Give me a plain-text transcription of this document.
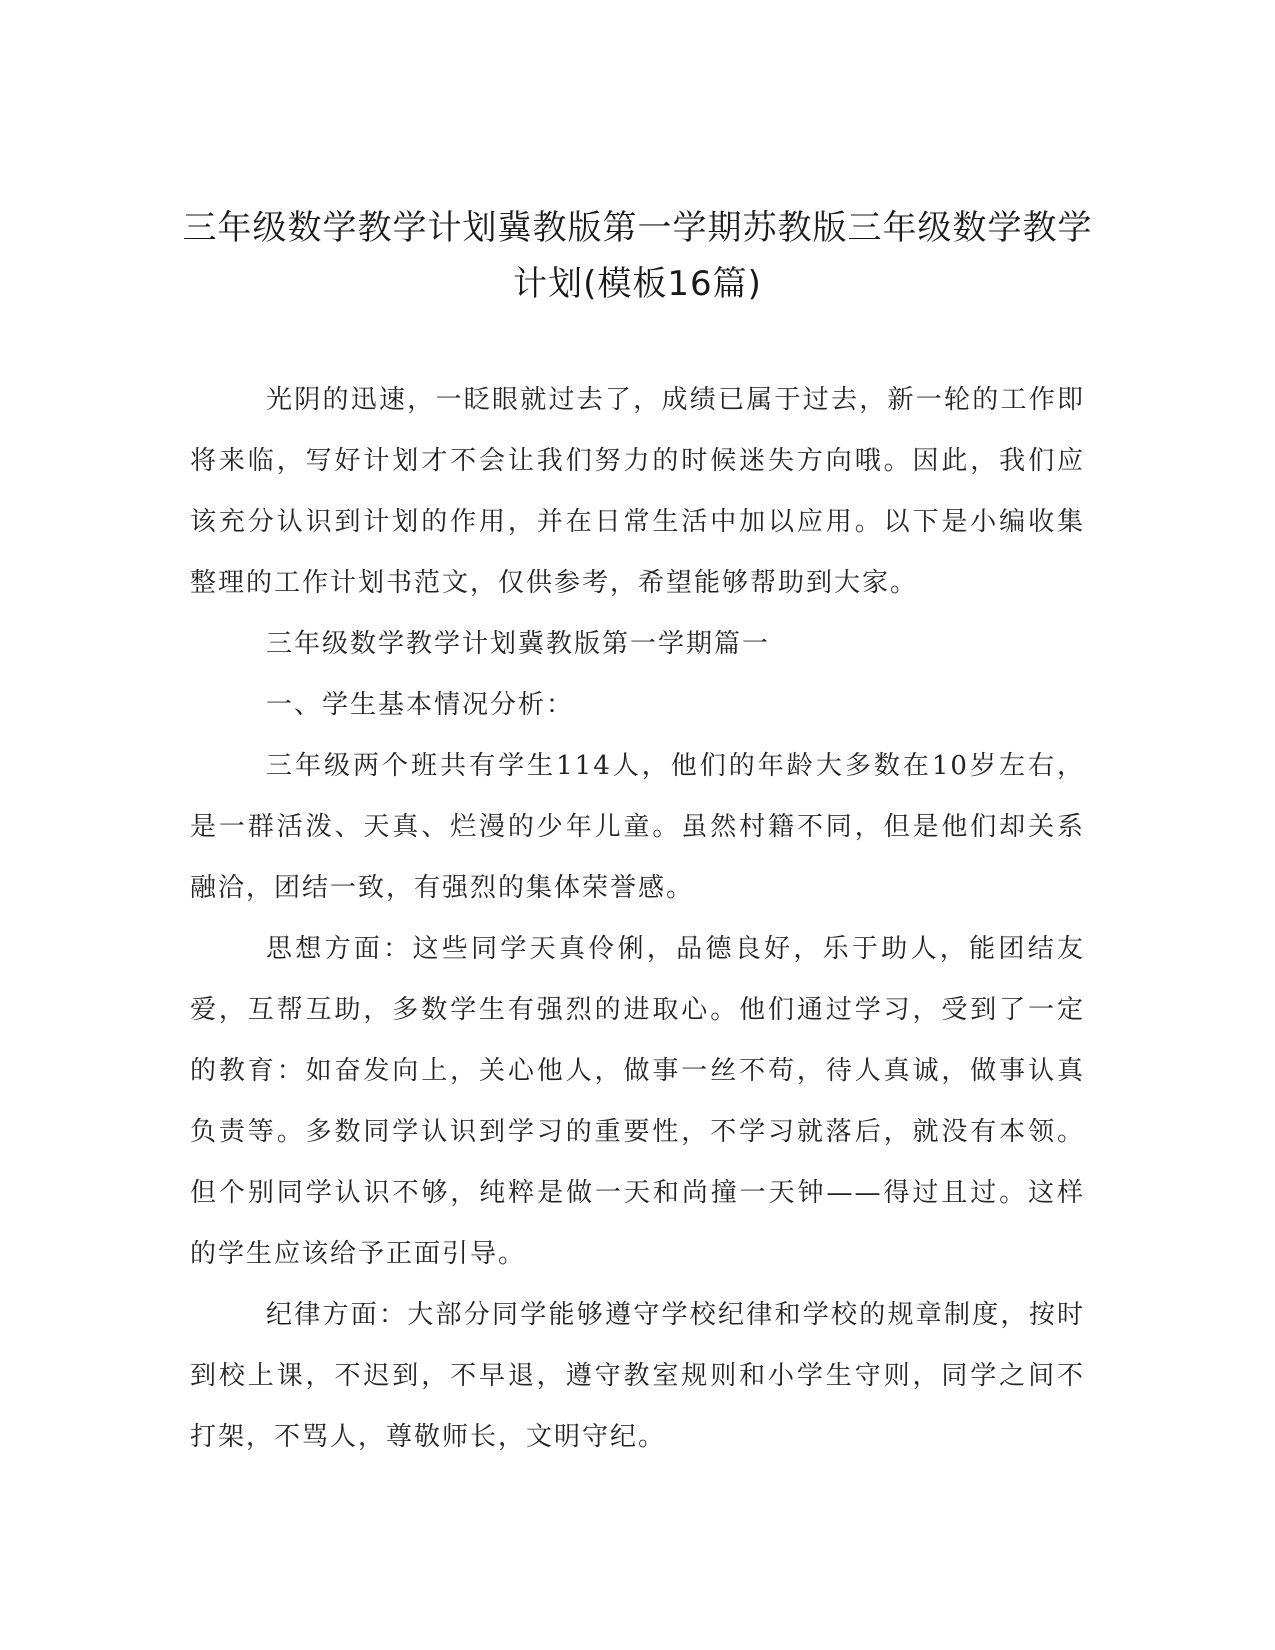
三年级数学教学计划冀教版第一学期苏教版三年级数学教学计划(模板16篇)

光阴的迅速，一眨眼就过去了，成绩已属于过去，新一轮的工作即将来临，写好计划才不会让我们努力的时候迷失方向哦。因此，我们应该充分认识到计划的作用，并在日常生活中加以应用。以下是小编收集整理的工作计划书范文，仅供参考，希望能够帮助到大家。

三年级数学教学计划冀教版第一学期篇一

一、学生基本情况分析：

三年级两个班共有学生114人，他们的年龄大多数在10岁左右，是一群活泼、天真、烂漫的少年儿童。虽然村籍不同，但是他们却关系融洽，团结一致，有强烈的集体荣誉感。

思想方面：这些同学天真伶俐，品德良好，乐于助人，能团结友爱，互帮互助，多数学生有强烈的进取心。他们通过学习，受到了一定的教育：如奋发向上，关心他人，做事一丝不苟，待人真诚，做事认真负责等。多数同学认识到学习的重要性，不学习就落后，就没有本领。但个别同学认识不够，纯粹是做一天和尚撞一天钟——得过且过。这样的学生应该给予正面引导。

纪律方面：大部分同学能够遵守学校纪律和学校的规章制度，按时到校上课，不迟到，不早退，遵守教室规则和小学生守则，同学之间不打架，不骂人，尊敬师长，文明守纪。
